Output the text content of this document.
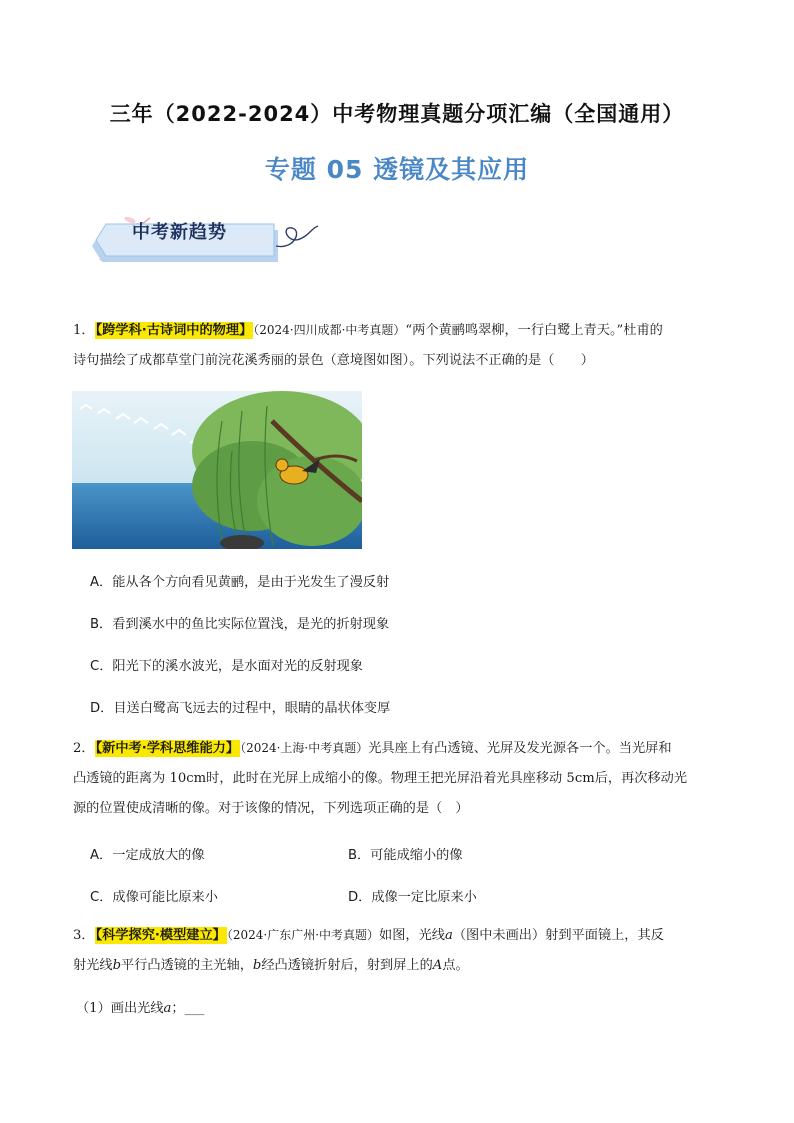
三年（2022-2024）中考物理真题分项汇编（全国通用）
专题 05 透镜及其应用
中考新趋势

1．【跨学科·古诗词中的物理】（2024·四川成都·中考真题）“两个黄鹂鸣翠柳，一行白鹭上青天。”杜甫的

诗句描绘了成都草堂门前浣花溪秀丽的景色（意境图如图）。下列说法不正确的是（　　）

A．能从各个方向看见黄鹂，是由于光发生了漫反射
B．看到溪水中的鱼比实际位置浅，是光的折射现象
C．阳光下的溪水波光，是水面对光的反射现象
D．目送白鹭高飞远去的过程中，眼睛的晶状体变厚

2．【新中考·学科思维能力】（2024·上海·中考真题）光具座上有凸透镜、光屏及发光源各一个。当光屏和

凸透镜的距离为 10cm时，此时在光屏上成缩小的像。物理王把光屏沿着光具座移动 5cm后，再次移动光

源的位置使成清晰的像。对于该像的情况，下列选项正确的是（　）

A．一定成放大的像	B．可能成缩小的像
C．成像可能比原来小	D．成像一定比原来小

3．【科学探究·模型建立】（2024·广东广州·中考真题）如图，光线a（图中未画出）射到平面镜上，其反

射光线b平行凸透镜的主光轴，b经凸透镜折射后，射到屏上的A点。

（1）画出光线a；___
